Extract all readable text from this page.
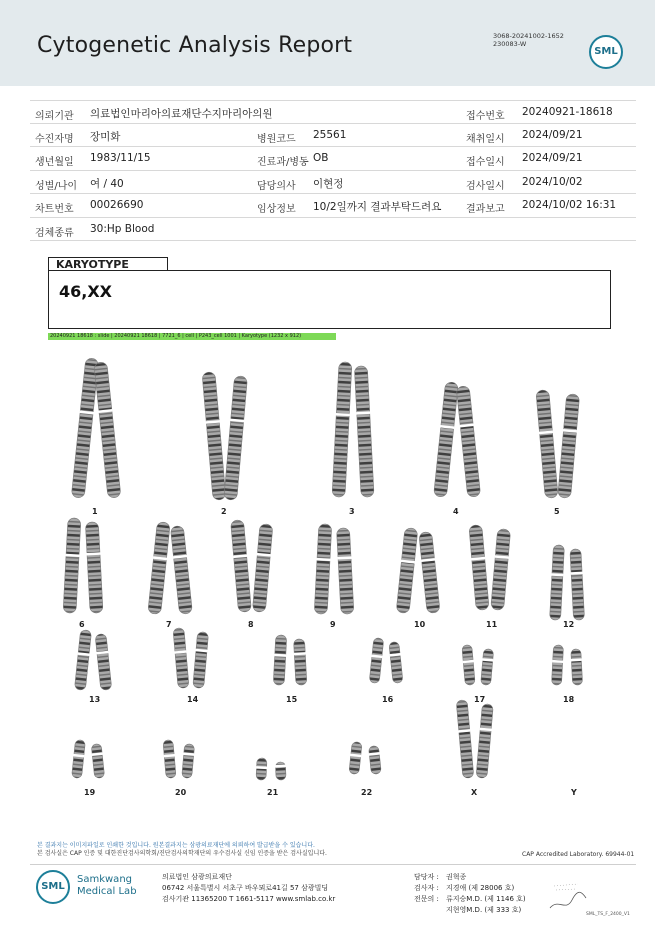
Cytogenetic Analysis Report	3068-20241002-1652
230083-W
SML
의뢰기관 의료법인마리아의료재단수지마리아의원	접수번호 20240921-18618
수진자명 장미화	병원코드 25561	채취일시 2024/09/21
생년월일 1983/11/15	진료과/병동 OB	접수일시 2024/09/21
성별/나이 여 / 40	담당의사 이현정	검사일시 2024/10/02
차트번호 00026690	임상정보 10/2일까지 결과부탁드려요 결과보고 2024/10/02 16:31
검체종류 30:Hp Blood
KARYOTYPE
46,XX
20240921 18618 : slide | 20240921 18618 | 7721_6 | cell | P243_cell 1001 | Karyotype (1232 x 912)
본 결과지는 이미지파일로 인쇄한 것입니다. 원본결과지는 삼광의료재단에 의뢰하여 발급받을 수 있습니다.
본 검사실은 CAP 인증 및 대한진단검사의학회/진단검사의학재단의 우수검사실 신임 인증을 받은 검사실입니다.	CAP Accredited Laboratory. 69944-01
SML
Samkwang
Medical Lab
의료법인 삼광의료재단
06742 서울특별시 서초구 바우뫼로41길 57 삼광빌딩
검사기관 11365200 T 1661-5117 www.smlab.co.kr
담당자 : 권혁종
검사자 : 지경애 (제 28006 호)
전문의 : 류지승M.D. (제 1146 호)
지현영M.D. (제 333 호)
SML_TS_F_2400_V1
1	2	3	4	5
6	7	8	9	10	11	12
13	14	15	16	17	18
19	20	21	22	X	Y
